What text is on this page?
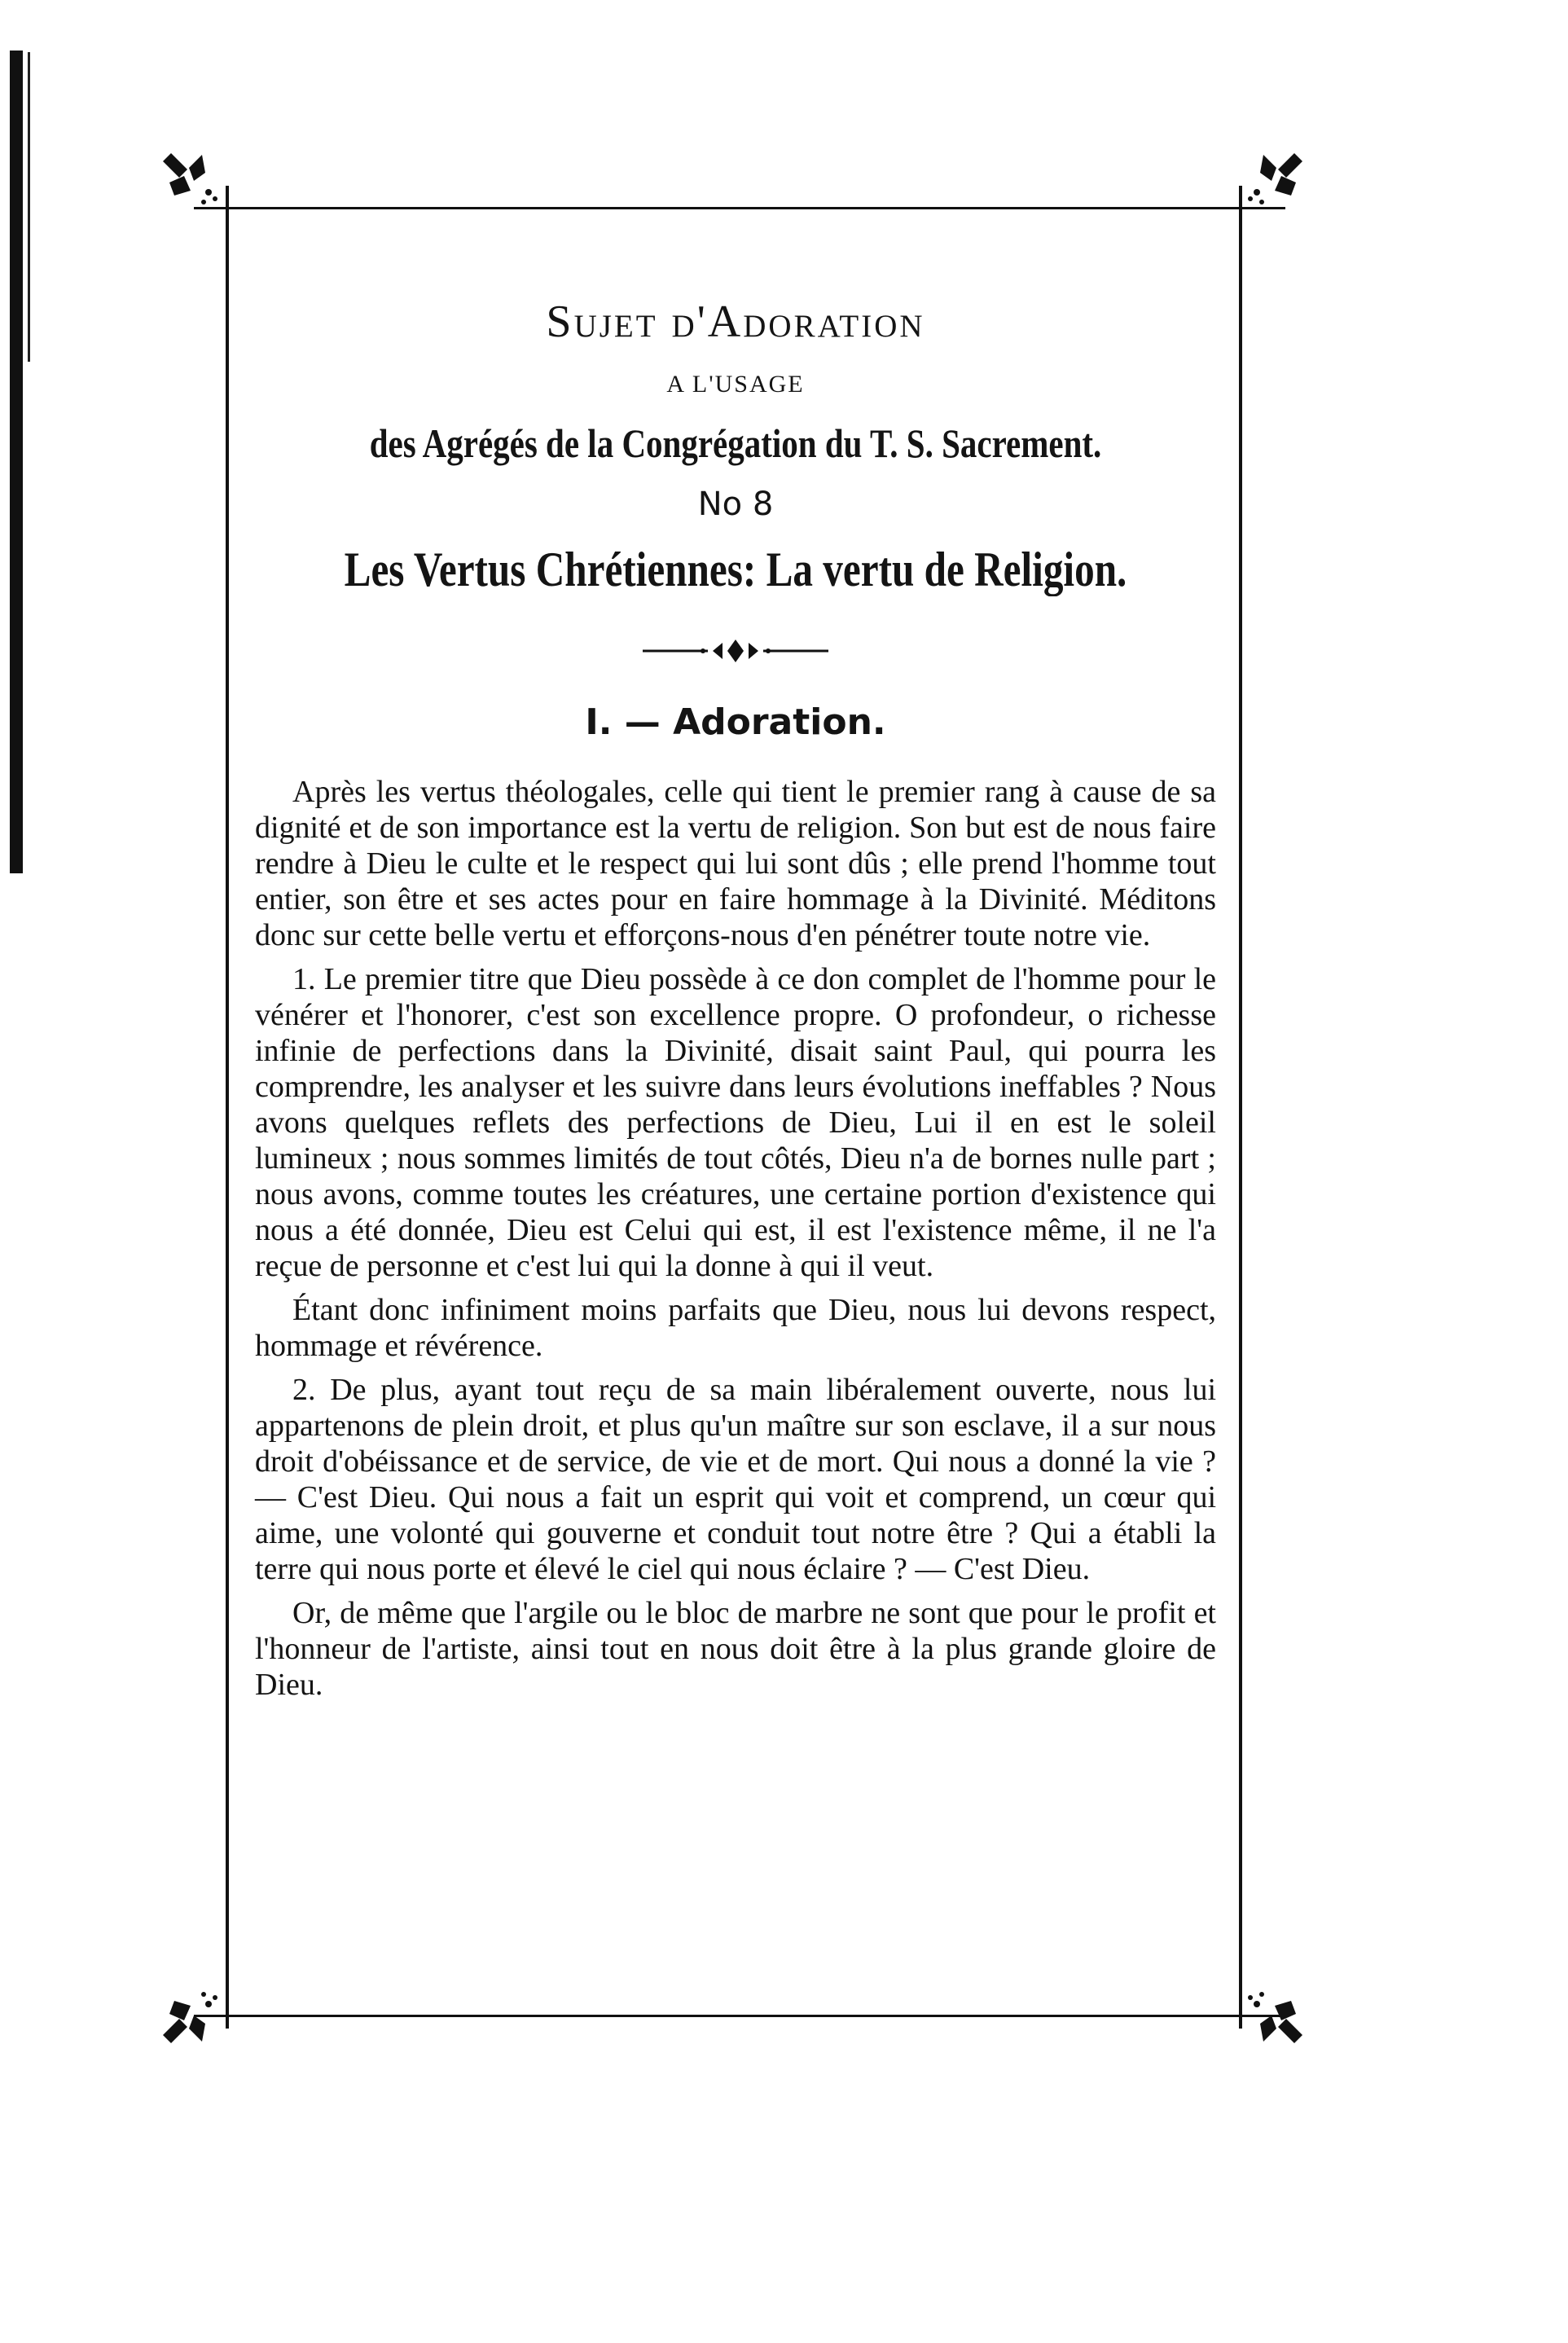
Sujet d'Adoration
A L'USAGE
des Agrégés de la Congrégation du T. S. Sacrement.
No 8
Les Vertus Chrétiennes: La vertu de Religion.
I. — Adoration.

Après les vertus théologales, celle qui tient le premier rang à cause de sa dignité et de son importance est la vertu de religion. Son but est de nous faire rendre à Dieu le culte et le respect qui lui sont dûs ; elle prend l'homme tout entier, son être et ses actes pour en faire hommage à la Divinité. Méditons donc sur cette belle vertu et efforçons-nous d'en pénétrer toute notre vie.

1. Le premier titre que Dieu possède à ce don complet de l'homme pour le vénérer et l'honorer, c'est son excellence propre. O profondeur, o richesse infinie de perfections dans la Divinité, disait saint Paul, qui pourra les comprendre, les analyser et les suivre dans leurs évolutions ineffables ? Nous avons quelques reflets des perfections de Dieu, Lui il en est le soleil lumineux ; nous sommes limités de tout côtés, Dieu n'a de bornes nulle part ; nous avons, comme toutes les créatures, une certaine portion d'existence qui nous a été donnée, Dieu est Celui qui est, il est l'existence même, il ne l'a reçue de personne et c'est lui qui la donne à qui il veut.

Étant donc infiniment moins parfaits que Dieu, nous lui devons respect, hommage et révérence.

2. De plus, ayant tout reçu de sa main libéralement ouverte, nous lui appartenons de plein droit, et plus qu'un maître sur son esclave, il a sur nous droit d'obéissance et de service, de vie et de mort. Qui nous a donné la vie ? — C'est Dieu. Qui nous a fait un esprit qui voit et comprend, un cœur qui aime, une volonté qui gouverne et conduit tout notre être ? Qui a établi la terre qui nous porte et élevé le ciel qui nous éclaire ? — C'est Dieu.

Or, de même que l'argile ou le bloc de marbre ne sont que pour le profit et l'honneur de l'artiste, ainsi tout en nous doit être à la plus grande gloire de Dieu.
